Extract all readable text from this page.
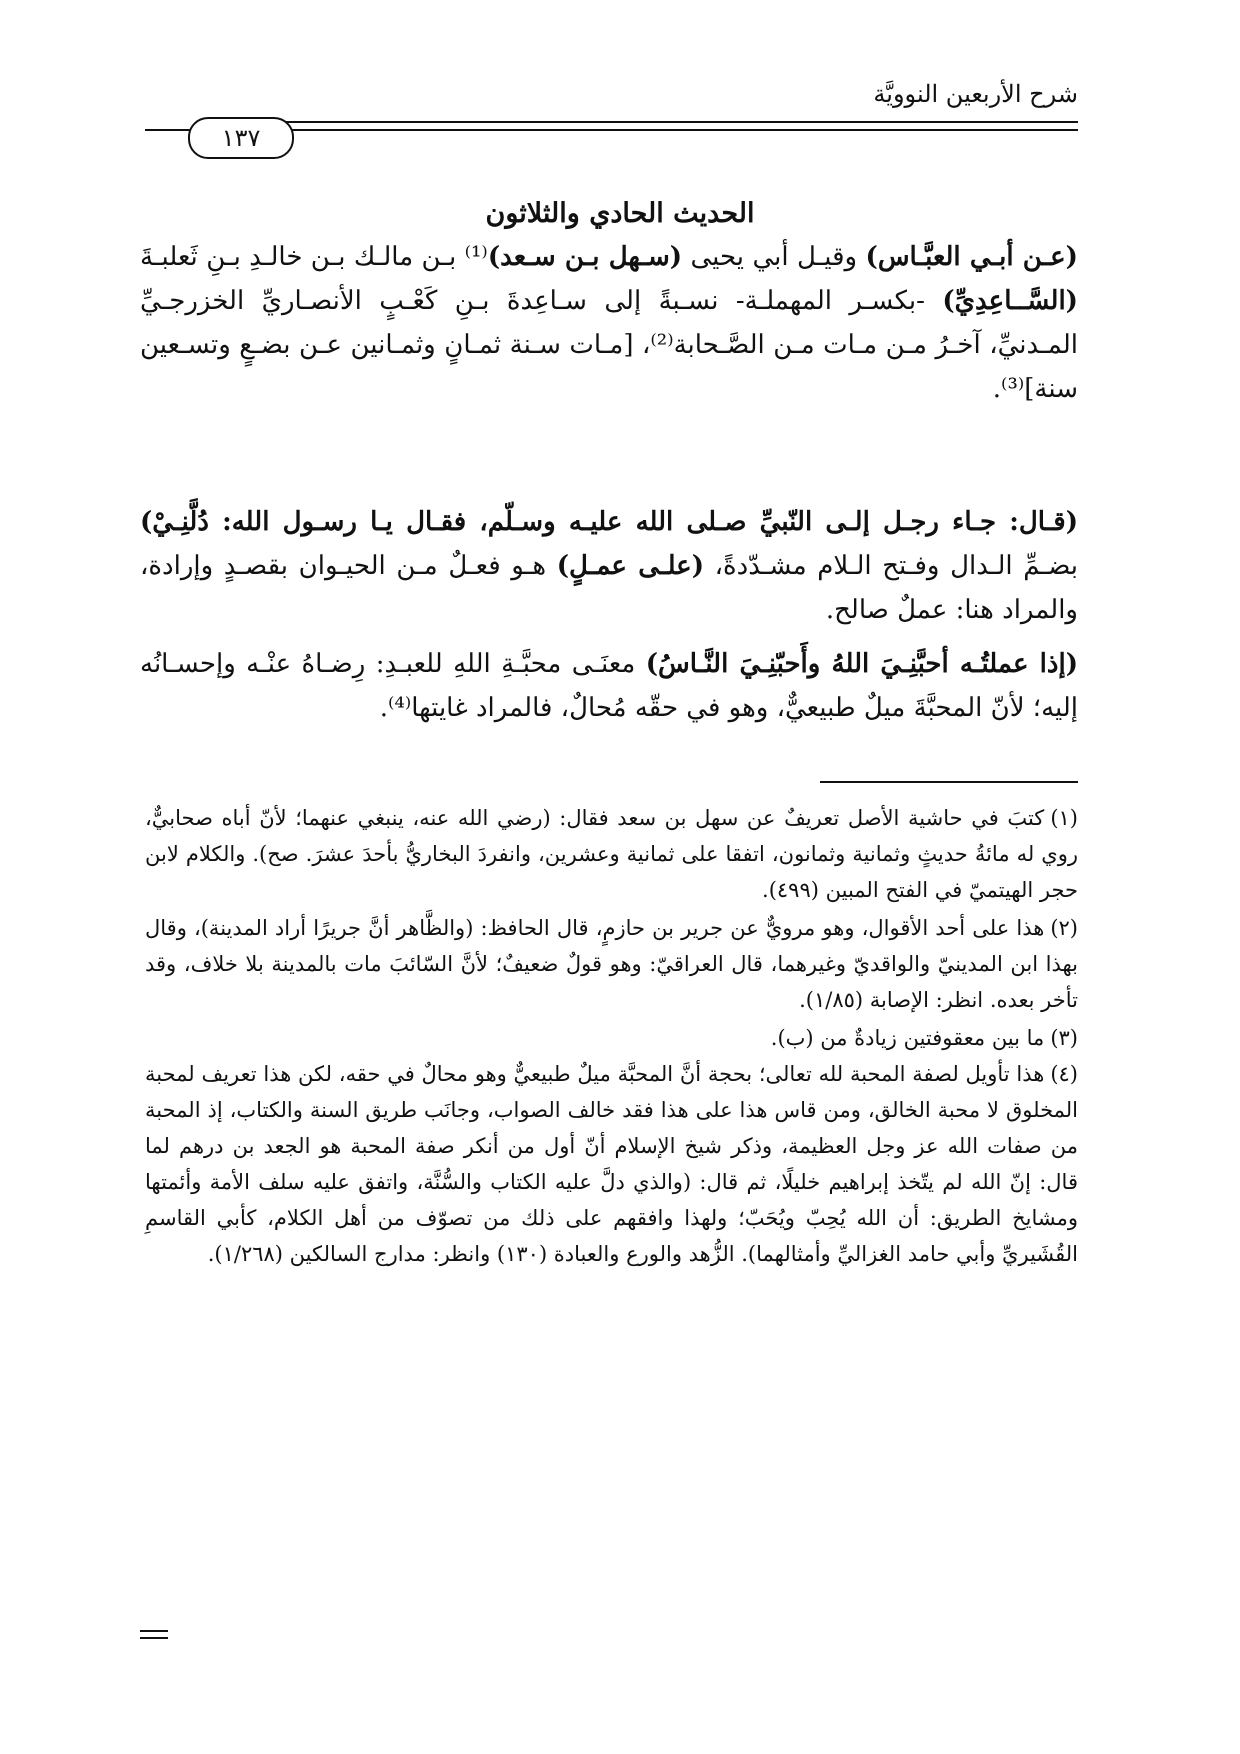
شرح الأربعين النوويَّة
١٣٧
الحديث الحادي والثلاثون
(عـن أبـي العبَّـاس) وقيـل أبي يحيى (سـهل بـن سـعد)⁽¹⁾ بـن مالـك بـن خالـدِ بـنِ ثَعلبـةَ (السَّــاعِدِيِّ) -بكسـر المهملـة- نسـبةً إلى سـاعِدةَ بـنِ كَعْـبٍ الأنصـاريِّ الخزرجـيِّ المـدنيِّ، آخـرُ مـن مـات مـن الصَّـحابة⁽²⁾، [مـات سـنة ثمـانٍ وثمـانين عـن بضـعٍ وتسـعين سنة]⁽³⁾.
(قـال: جـاء رجـل إلـى النّبيِّ صـلى الله عليـه وسـلّم، فقـال يـا رسـول الله: دُلَّنِـيْ) بضـمِّ الـدال وفـتح الـلام مشـدّدةً، (علـى عمـلٍ) هـو فعـلٌ مـن الحيـوان بقصـدٍ وإرادة، والمراد هنا: عملٌ صالح.
(إذا عملتُـه أحبَّنِـيَ اللهُ وأَحبّنِـيَ النَّـاسُ) معنَـى محبَّـةِ اللهِ للعبـدِ: رِضـاهُ عنْـه وإحسـانُه إليه؛ لأنّ المحبَّةَ ميلٌ طبيعيٌّ، وهو في حقّه مُحالٌ، فالمراد غايتها⁽⁴⁾.
(١)كتبَ في حاشية الأصل تعريفٌ عن سهل بن سعد فقال: (رضي الله عنه، ينبغي عنهما؛ لأنّ أباه صحابيٌّ، روي له مائةُ حديثٍ وثمانية وثمانون، اتفقا على ثمانية وعشرين، وانفردَ البخاريُّ بأحدَ عشرَ. صح). والكلام لابن حجر الهيتميّ في الفتح المبين (٤٩٩).
(٢)هذا على أحد الأقوال، وهو مرويٌّ عن جرير بن حازمٍ، قال الحافظ: (والظَّاهر أنَّ جريرًا أراد المدينة)، وقال بهذا ابن المدينيّ والواقديّ وغيرهما، قال العراقيّ: وهو قولٌ ضعيفٌ؛ لأنَّ السّائبَ مات بالمدينة بلا خلاف، وقد تأخر بعده. انظر: الإصابة (١/٨٥).
(٣)ما بين معقوفتين زيادةٌ من (ب).
(٤)هذا تأويل لصفة المحبة لله تعالى؛ بحجة أنَّ المحبَّة ميلٌ طبيعيٌّ وهو محالٌ في حقه، لكن هذا تعريف لمحبة المخلوق لا محبة الخالق، ومن قاس هذا على هذا فقد خالف الصواب، وجانَب طريق السنة والكتاب، إذ المحبة من صفات الله عز وجل العظيمة، وذكر شيخ الإسلام أنّ أول من أنكر صفة المحبة هو الجعد بن درهم لما قال: إنّ الله لم يتّخذ إبراهيم خليلًا، ثم قال: (والذي دلَّ عليه الكتاب والسُّنَّة، واتفق عليه سلف الأمة وأئمتها ومشايخ الطريق: أن الله يُحِبّ ويُحَبّ؛ ولهذا وافقهم على ذلك من تصوّف من أهل الكلام، كأبي القاسمِ القُشَيريِّ وأبي حامد الغزاليِّ وأمثالهما). الزُّهد والورع والعبادة (١٣٠) وانظر: مدارج السالكين (١/٢٦٨).
